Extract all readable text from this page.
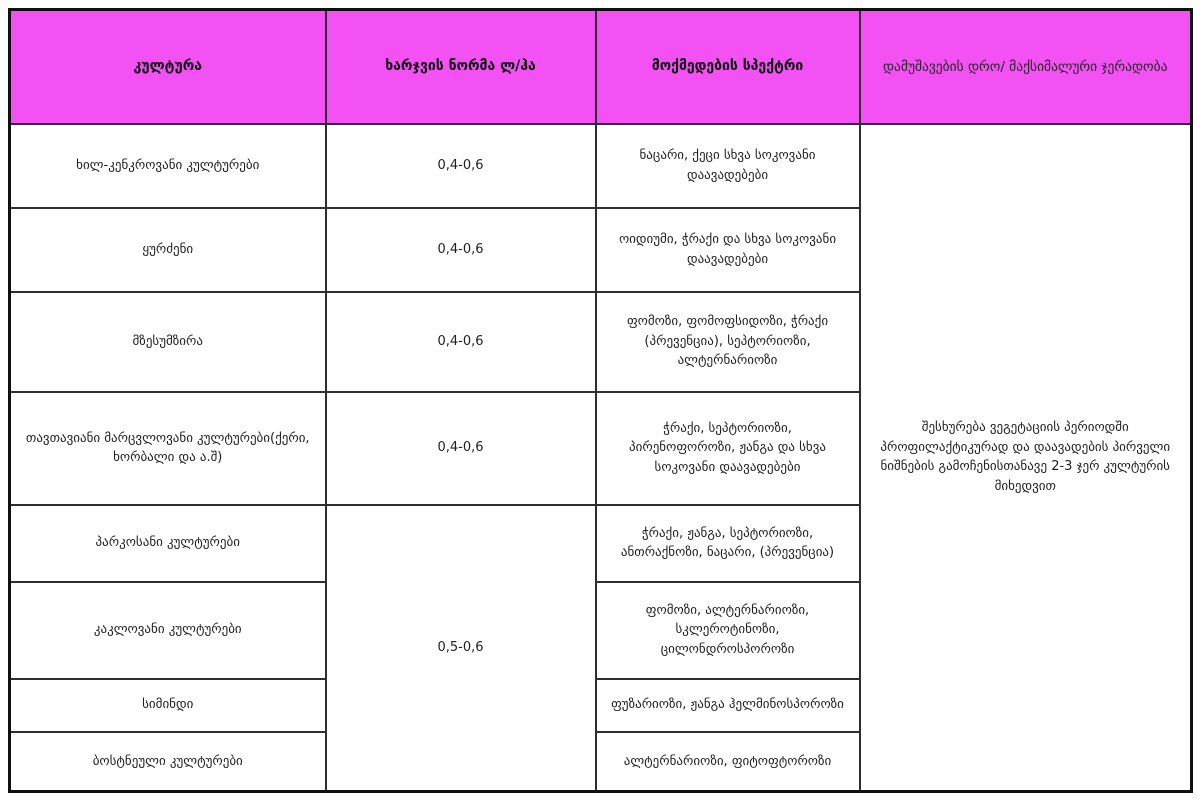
კულტურა	ხარჯვის ნორმა ლ/ჰა	მოქმედების სპექტრი	დამუშავების დრო/ მაქსიმალური ჯერადობა
ხილ-კენკროვანი კულტურები	0,4-0,6	ნაცარი, ქეცი სხვა სოკოვანი დაავადებები	შესხურება ვეგეტაციის პერიოდში პროფილაქტიკურად და დაავადების პირველი ნიშნების გამოჩენისთანავე 2-3 ჯერ კულტურის მიხედვით
ყურძენი	0,4-0,6	ოიდიუმი, ჭრაქი და სხვა სოკოვანი დაავადებები	
მზესუმზირა	0,4-0,6	ფომოზი, ფომოფსიდოზი, ჭრაქი (პრევენცია), სეპტორიოზი, ალტერნარიოზი	
თავთავიანი მარცვლოვანი კულტურები(ქერი, ხორბალი და ა.შ)	0,4-0,6	ჭრაქი, სეპტორიოზი, პირენოფოროზი, ჟანგა და სხვა სოკოვანი დაავადებები	
პარკოსანი კულტურები	0,5-0,6	ჭრაქი, ჟანგა, სეპტორიოზი, ანთრაქნოზი, ნაცარი, (პრევენცია)	
კაკლოვანი კულტურები		ფომოზი, ალტერნარიოზი, სკლეროტინოზი, ცილონდროსპოროზი	
სიმინდი		ფუზარიოზი, ჟანგა ჰელმინოსპოროზი	
ბოსტნეული კულტურები		ალტერნარიოზი, ფიტოფტოროზი	
